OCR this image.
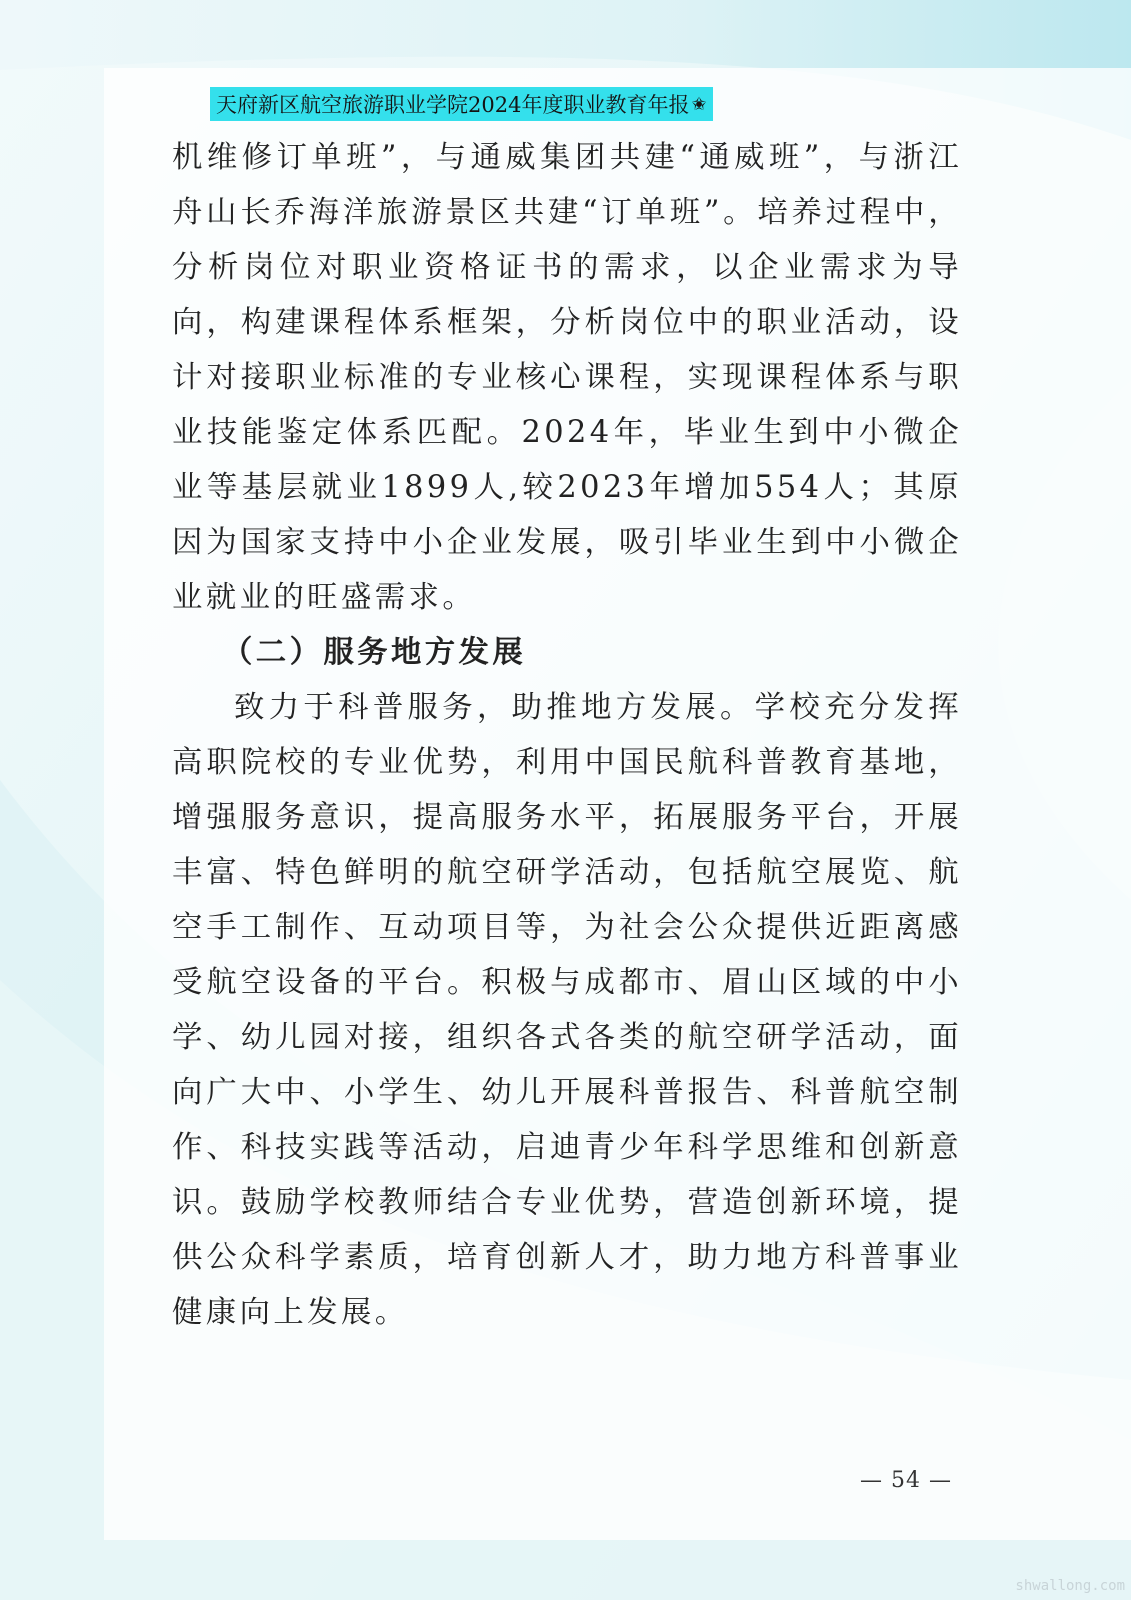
天府新区航空旅游职业学院2024年度职业教育年报 ✬

机维修订单班”，与通威集团共建“通威班”，与浙江舟山长乔海洋旅游景区共建“订单班”。培养过程中，分析岗位对职业资格证书的需求，以企业需求为导向，构建课程体系框架，分析岗位中的职业活动，设计对接职业标准的专业核心课程，实现课程体系与职业技能鉴定体系匹配。2024年，毕业生到中小微企业等基层就业1899人,较2023年增加554人；其原因为国家支持中小企业发展，吸引毕业生到中小微企业就业的旺盛需求。

（二）服务地方发展

致力于科普服务，助推地方发展。学校充分发挥高职院校的专业优势，利用中国民航科普教育基地，增强服务意识，提高服务水平，拓展服务平台，开展丰富、特色鲜明的航空研学活动，包括航空展览、航空手工制作、互动项目等，为社会公众提供近距离感受航空设备的平台。积极与成都市、眉山区域的中小学、幼儿园对接，组织各式各类的航空研学活动，面向广大中、小学生、幼儿开展科普报告、科普航空制作、科技实践等活动，启迪青少年科学思维和创新意识。鼓励学校教师结合专业优势，营造创新环境，提供公众科学素质，培育创新人才，助力地方科普事业健康向上发展。

— 54 —
shwallong.com
